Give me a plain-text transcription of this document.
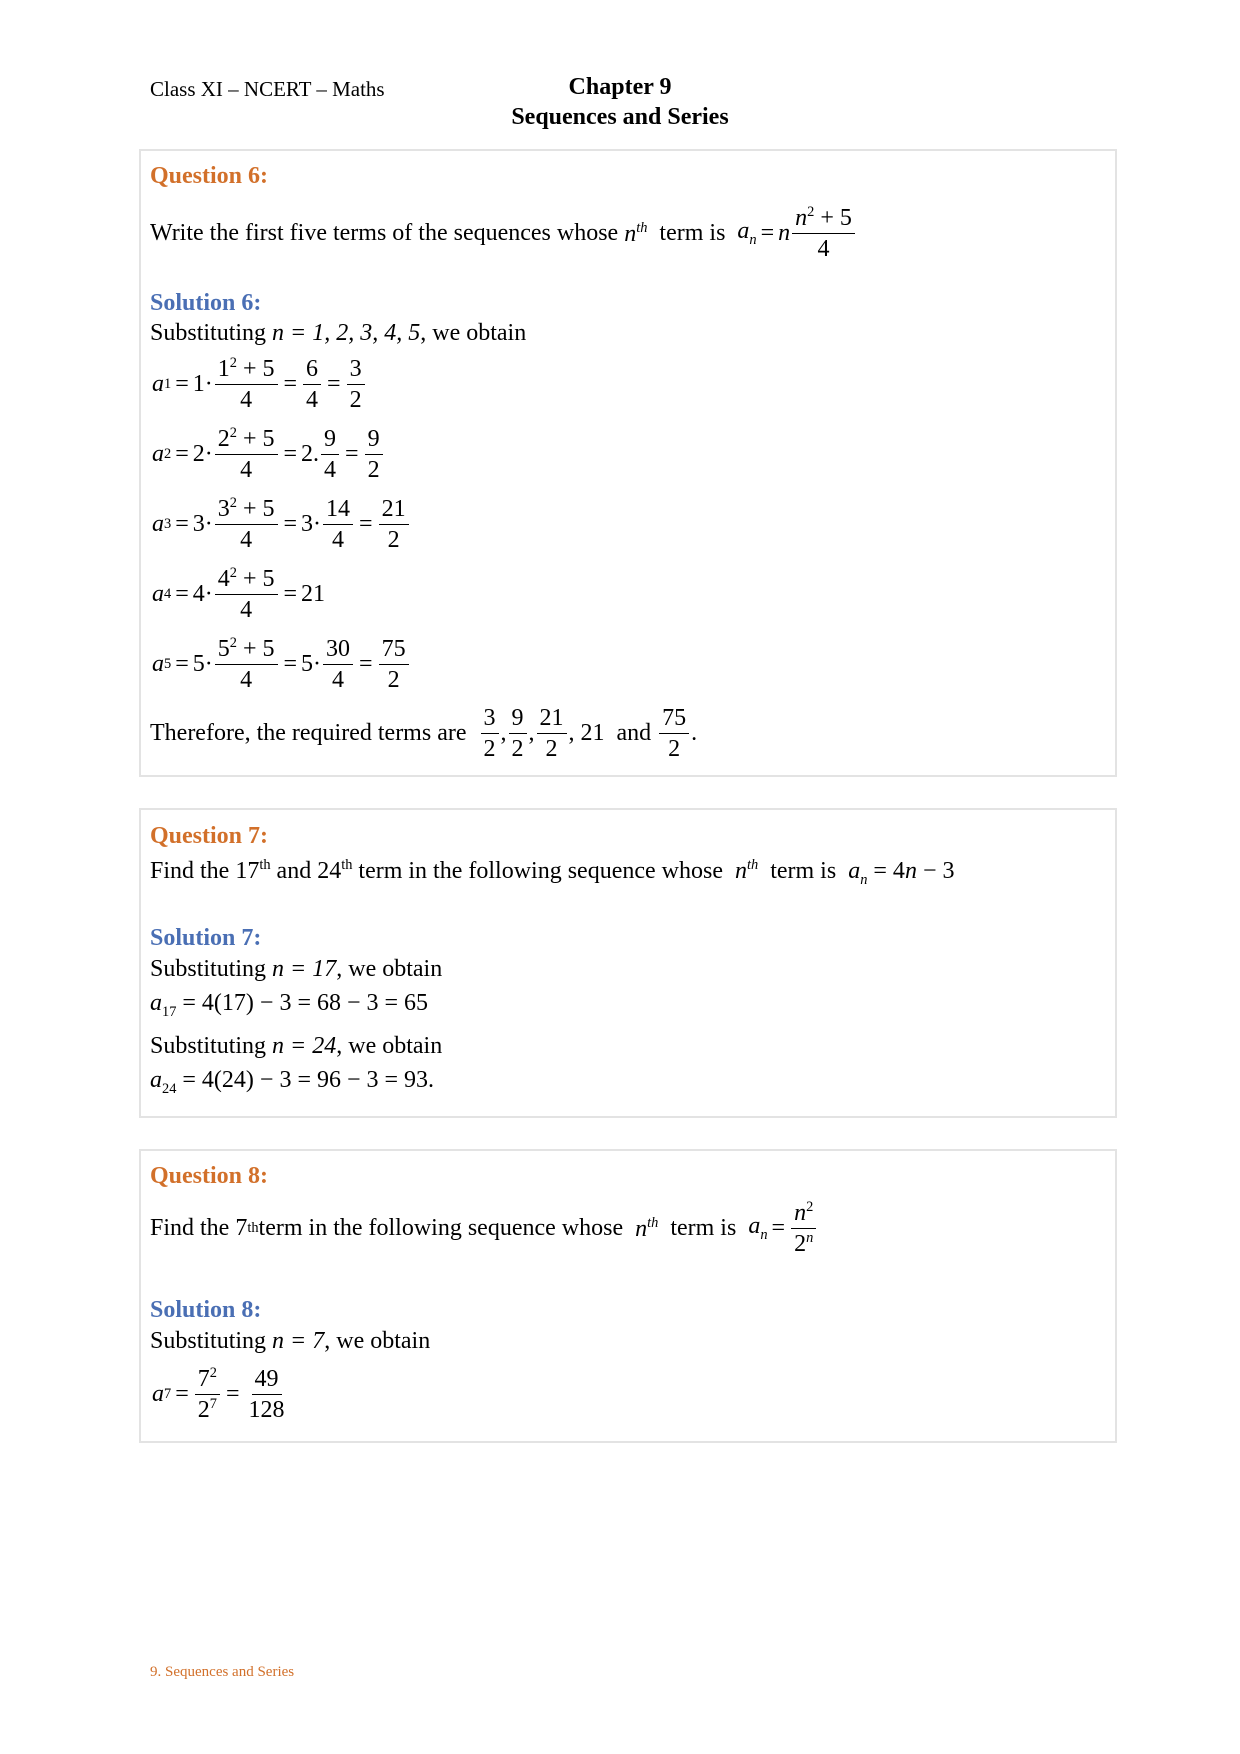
Class XI – NCERT – Maths	Chapter 9
Sequences and Series
Question 6:
Write the first five terms of the sequences whose
$n^{th}$ term is $a_n = n \frac{n^2 + 5}{4}$
Solution 6:
Substituting n = 1, 2, 3, 4, 5, we obtain
a $1 = 1\cdot \frac{1^2 + 5}{4} = \frac{6}{4} = \frac{3}{2}$
a $2 = 2\cdot \frac{2^2 + 5}{4} = 2$. $\frac{9}{4} = \frac{9}{2}$
a $3 = 3\cdot \frac{3^2 + 5}{4} = 3\cdot \frac{14}{4} = \frac{21}{2}$
a $4 = 4\cdot \frac{4^2 + 5}{4} = 21$
a $5 = 5\cdot \frac{5^2 + 5}{4} = 5\cdot \frac{30}{4} = \frac{75}{2}$
Therefore, the required terms are
$\frac{3}{2}$ , $\frac{9}{2}$ , $\frac{21}{2}$ , 21  and $\frac{75}{2}$ .
Question 7:
Find the 17th and 24th term in the following sequence whose  $n^{th}$  term is  $a_n = 4n - 3$
Solution 7:
Substituting n = 17, we obtain
$a_{17} = 4(17) - 3 = 68 - 3 = 65$
Substituting n = 24, we obtain
$a_{24} = 4(24) - 3 = 96 - 3 = 93$.
Question 8:
Find the 7 th term in the following sequence whose $n^{th}$ term is $a_n = \frac{n^2}{2^n}$
Solution 8:
Substituting n = 7, we obtain
a $7 = \frac{7^2}{2^7} = \frac{49}{128}$
9. Sequences and Series
